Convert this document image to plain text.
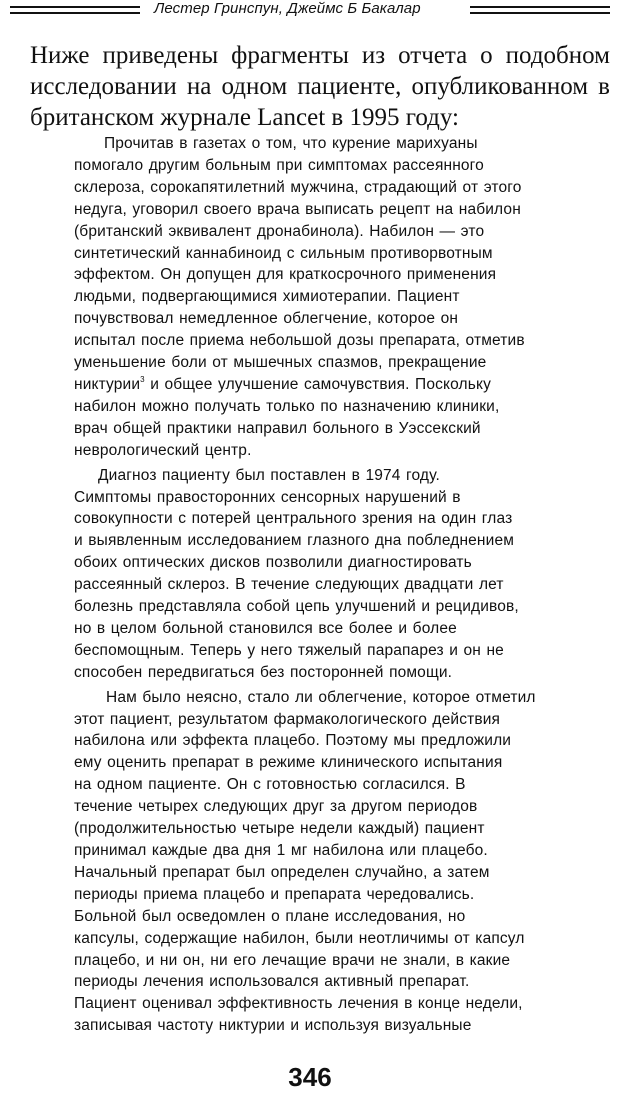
Лестер Гринспун, Джеймс Б Бакалар
Ниже приведены фрагменты из отчета о подобном
исследовании на одном пациенте, опубликованном в
британском журнале Lancet в 1995 году:
Прочитав в газетах о том, что курение марихуаны
помогало другим больным при симптомах рассеянного
склероза, сорокапятилетний мужчина, страдающий от этого
недуга, уговорил своего врача выписать рецепт на набилон
(британский эквивалент дронабинола). Набилон — это
синтетический каннабиноид с сильным противорвотным
эффектом. Он допущен для краткосрочного применения
людьми, подвергающимися химиотерапии. Пациент
почувствовал немедленное облегчение, которое он
испытал после приема небольшой дозы препарата, отметив
уменьшение боли от мышечных спазмов, прекращение
никтурии$^3$ и общее улучшение самочувствия. Поскольку
набилон можно получать только по назначению клиники,
врач общей практики направил больного в Уэссекский
неврологический центр.
Диагноз пациенту был поставлен в 1974 году.
Симптомы правосторонних сенсорных нарушений в
совокупности с потерей центрального зрения на один глаз
и выявленным исследованием глазного дна побледнением
обоих оптических дисков позволили диагностировать
рассеянный склероз. В течение следующих двадцати лет
болезнь представляла собой цепь улучшений и рецидивов,
но в целом больной становился все более и более
беспомощным. Теперь у него тяжелый парапарез и он не
способен передвигаться без посторонней помощи.
Нам было неясно, стало ли облегчение, которое отметил
этот пациент, результатом фармакологического действия
набилона или эффекта плацебо. Поэтому мы предложили
ему оценить препарат в режиме клинического испытания
на одном пациенте. Он с готовностью согласился. В
течение четырех следующих друг за другом периодов
(продолжительностью четыре недели каждый) пациент
принимал каждые два дня 1 мг набилона или плацебо.
Начальный препарат был определен случайно, а затем
периоды приема плацебо и препарата чередовались.
Больной был осведомлен о плане исследования, но
капсулы, содержащие набилон, были неотличимы от капсул
плацебо, и ни он, ни его лечащие врачи не знали, в какие
периоды лечения использовался активный препарат.
Пациент оценивал эффективность лечения в конце недели,
записывая частоту никтурии и используя визуальные
346
